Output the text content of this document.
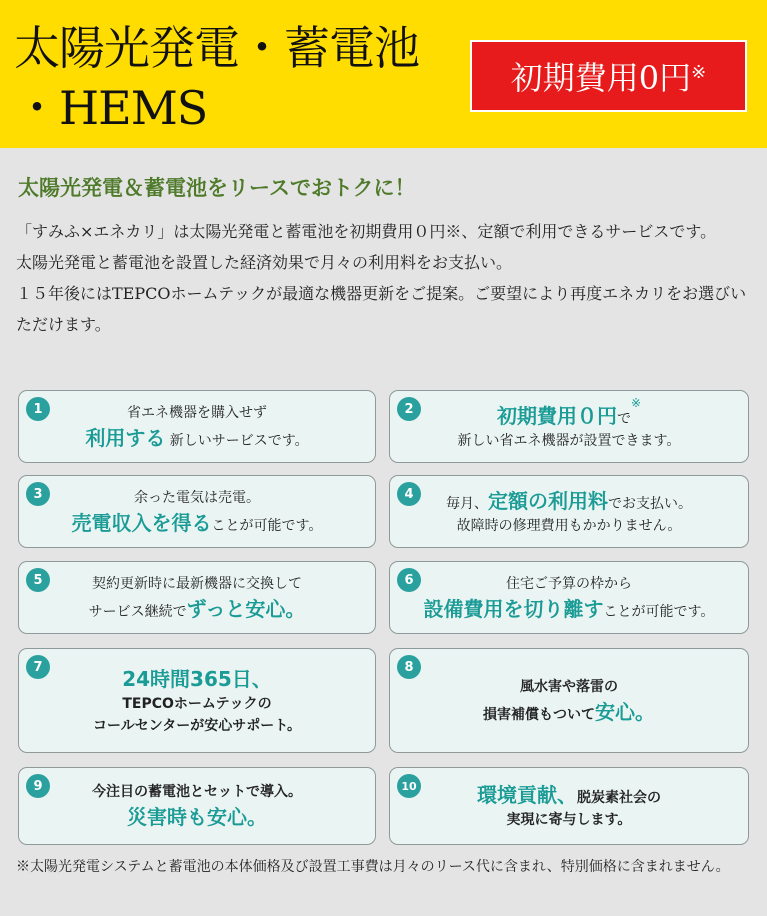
太陽光発電・蓄電池
・HEMS
初期費用0円※
太陽光発電＆蓄電池をリースでおトクに！

「すみふ×エネカリ」は太陽光発電と蓄電池を初期費用０円※、定額で利用できるサービスです。

太陽光発電と蓄電池を設置した経済効果で月々の利用料をお支払い。

１５年後にはTEPCOホームテックが最適な機器更新をご提案。ご要望により再度エネカリをお選びいただけます。

1	省エネ機器を購入せず
利用する 新しいサービスです。
2	初期費用０円で※
新しい省エネ機器が設置できます。
3	余った電気は売電。
売電収入を得ることが可能です。
4
毎月、定額の利用料でお支払い。
故障時の修理費用もかかりません。
5	契約更新時に最新機器に交換して
サービス継続でずっと安心。
6	住宅ご予算の枠から
設備費用を切り離すことが可能です。
7	24時間365日、
TEPCOホームテックの
コールセンターが安心サポート。
8
風水害や落雷の
損害補償もついて安心。
9	今注目の蓄電池とセットで導入。
災害時も安心。
10	環境貢献、脱炭素社会の
実現に寄与します。
※太陽光発電システムと蓄電池の本体価格及び設置工事費は月々のリース代に含まれ、特別価格に含まれません。
